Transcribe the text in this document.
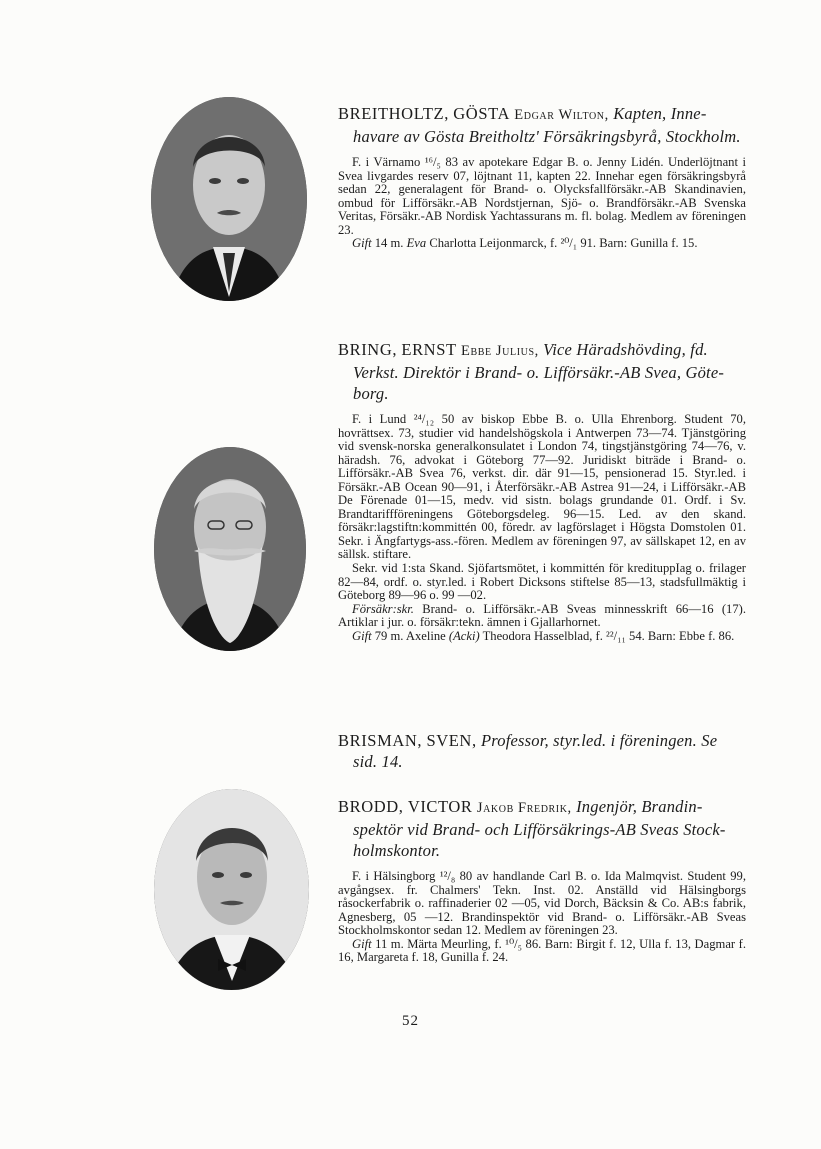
BREITHOLTZ, GÖSTA Edgar Wilton, Kapten, Inne-
havare av Gösta Breitholtz' Försäkringsbyrå, Stockholm.

F. i Värnamo ¹⁶/₅ 83 av apotekare Edgar B. o. Jenny Lidén. Underlöjtnant i Svea livgardes reserv 07, löjtnant 11, kapten 22. Innehar egen försäkringsbyrå sedan 22, generalagent för Brand- o. Olycksfallförsäkr.-AB Skandinavien, ombud för Lifförsäkr.-AB Nordstjernan, Sjö- o. Brandförsäkr.-AB Svenska Veritas, Försäkr.-AB Nordisk Yachtassurans m. fl. bolag. Medlem av föreningen 23.

Gift 14 m. Eva Charlotta Leijonmarck, f. ²⁰/₁ 91. Barn: Gunilla f. 15.

BRING, ERNST Ebbe Julius, Vice Häradshövding, fd.
Verkst. Direktör i Brand- o. Lifförsäkr.-AB Svea, Göte-
borg.

F. i Lund ²⁴/₁₂ 50 av biskop Ebbe B. o. Ulla Ehrenborg. Student 70, hovrättsex. 73, studier vid handelshögskola i Antwerpen 73—74. Tjänstgöring vid svensk-norska generalkonsulatet i London 74, tingstjänstgöring 74—76, v. häradsh. 76, advokat i Göteborg 77—92. Juridiskt biträde i Brand- o. Lifförsäkr.-AB Svea 76, verkst. dir. där 91—15, pensionerad 15. Styr.led. i Försäkr.-AB Ocean 90—91, i Återförsäkr.-AB Astrea 91—24, i Lifförsäkr.-AB De Förenade 01—15, medv. vid sistn. bolags grundande 01. Ordf. i Sv. Brandtariffföreningens Göteborgsdeleg. 96—15. Led. av den skand. försäkr:lagstiftn:kommittén 00, föredr. av lagförslaget i Högsta Domstolen 01. Sekr. i Ängfartygs-ass.-fören. Medlem av föreningen 97, av sällskapet 12, en av sällsk. stiftare.

Sekr. vid 1:sta Skand. Sjöfartsmötet, i kommittén för kredituppIag o. frilager 82—84, ordf. o. styr.led. i Robert Dicksons stiftelse 85—13, stadsfullmäktig i Göteborg 89—96 o. 99 —02.

Försäkr:skr. Brand- o. Lifförsäkr.-AB Sveas minnesskrift 66—16 (17). Artiklar i jur. o. försäkr:tekn. ämnen i Gjallarhornet.

Gift 79 m. Axeline (Acki) Theodora Hasselblad, f. ²²/₁₁ 54. Barn: Ebbe f. 86.

BRISMAN, SVEN, Professor, styr.led. i föreningen. Se
sid. 14.
BRODD, VICTOR Jakob Fredrik, Ingenjör, Brandin-
spektör vid Brand- och Lifförsäkrings-AB Sveas Stock-
holmskontor.

F. i Hälsingborg ¹²/₈ 80 av handlande Carl B. o. Ida Malmqvist. Student 99, avgångsex. fr. Chalmers' Tekn. Inst. 02. Anställd vid Hälsingborgs råsockerfabrik o. raffinaderier 02 —05, vid Dorch, Bäcksin & Co. AB:s fabrik, Agnesberg, 05 —12. Brandinspektör vid Brand- o. Lifförsäkr.-AB Sveas Stockholmskontor sedan 12. Medlem av föreningen 23.

Gift 11 m. Märta Meurling, f. ¹⁰/₅ 86. Barn: Birgit f. 12, Ulla f. 13, Dagmar f. 16, Margareta f. 18, Gunilla f. 24.

52
